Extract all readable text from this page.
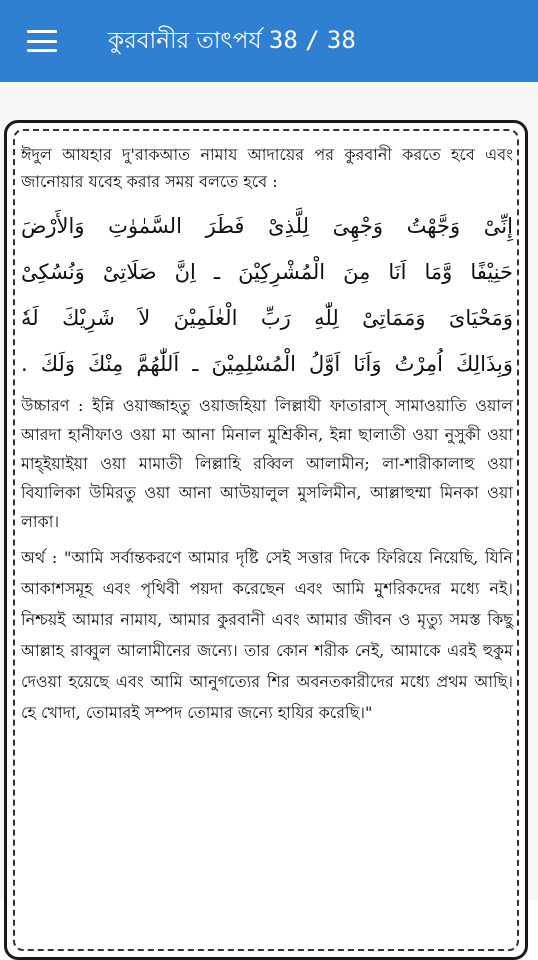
কুরবানীর তাৎপর্য 38 / 38

ঈদুল আযহার দু'রাকআত নামায আদায়ের পর কুরবানী করতে হবে এবং জানোয়ার যবেহ করার সময় বলতে হবে :

إِنِّىْ وَجَّهْتُ وَجْهِىَ لِلَّذِىْ فَطَرَ السَّمٰوٰتِ وَالأَرْضَ
حَنِيْفًا وَّمَا اَنَا مِنَ الْمُشْرِكِيْنَ ـ اِنَّ صَلَاتِىْ وَنُسُكِىْ
وَمَحْيَاىَ وَمَمَاتِىْ لِلّٰهِ رَبِّ الْعٰلَمِيْنَ لاَ شَرِيْكَ لَهٗ
وَبِذَالِكَ اُمِرْتُ وَاَنَا اَوَّلُ الْمُسْلِمِيْنَ ـ اَللّٰهُمَّ مِنْكَ وَلَكَ .

উচ্চারণ : ইন্নি ওয়াজ্জাহতু ওয়াজহিয়া লিল্লাযী ফাতারাস্ সামাওয়াতি ওয়াল আরদা হানীফাও ওয়া মা আনা মিনাল মুশ্রিকীন, ইন্না ছালাতী ওয়া নুসুকী ওয়া মাহ্ইয়াইয়া ওয়া মামাতী লিল্লাহি রব্বিল আলামীন; লা-শারীকালাহু ওয়া বিযালিকা উমিরতু ওয়া আনা আউয়ালুল মুসলিমীন, আল্লাহুম্মা মিনকা ওয়া লাকা।

অর্থ : "আমি সর্বান্তকরণে আমার দৃষ্টি সেই সত্তার দিকে ফিরিয়ে নিয়েছি, যিনি আকাশসমূহ এবং পৃথিবী পয়দা করেছেন এবং আমি মুশরিকদের মধ্যে নই। নিশ্চয়ই আমার নামায, আমার কুরবানী এবং আমার জীবন ও মৃত্যু সমস্ত কিছু আল্লাহ রাব্বুল আলামীনের জন্যে। তার কোন শরীক নেই, আমাকে এরই হুকুম দেওয়া হয়েছে এবং আমি আনুগত্যের শির অবনতকারীদের মধ্যে প্রথম আছি। হে খোদা, তোমারই সম্পদ তোমার জন্যে হাযির করেছি।"
